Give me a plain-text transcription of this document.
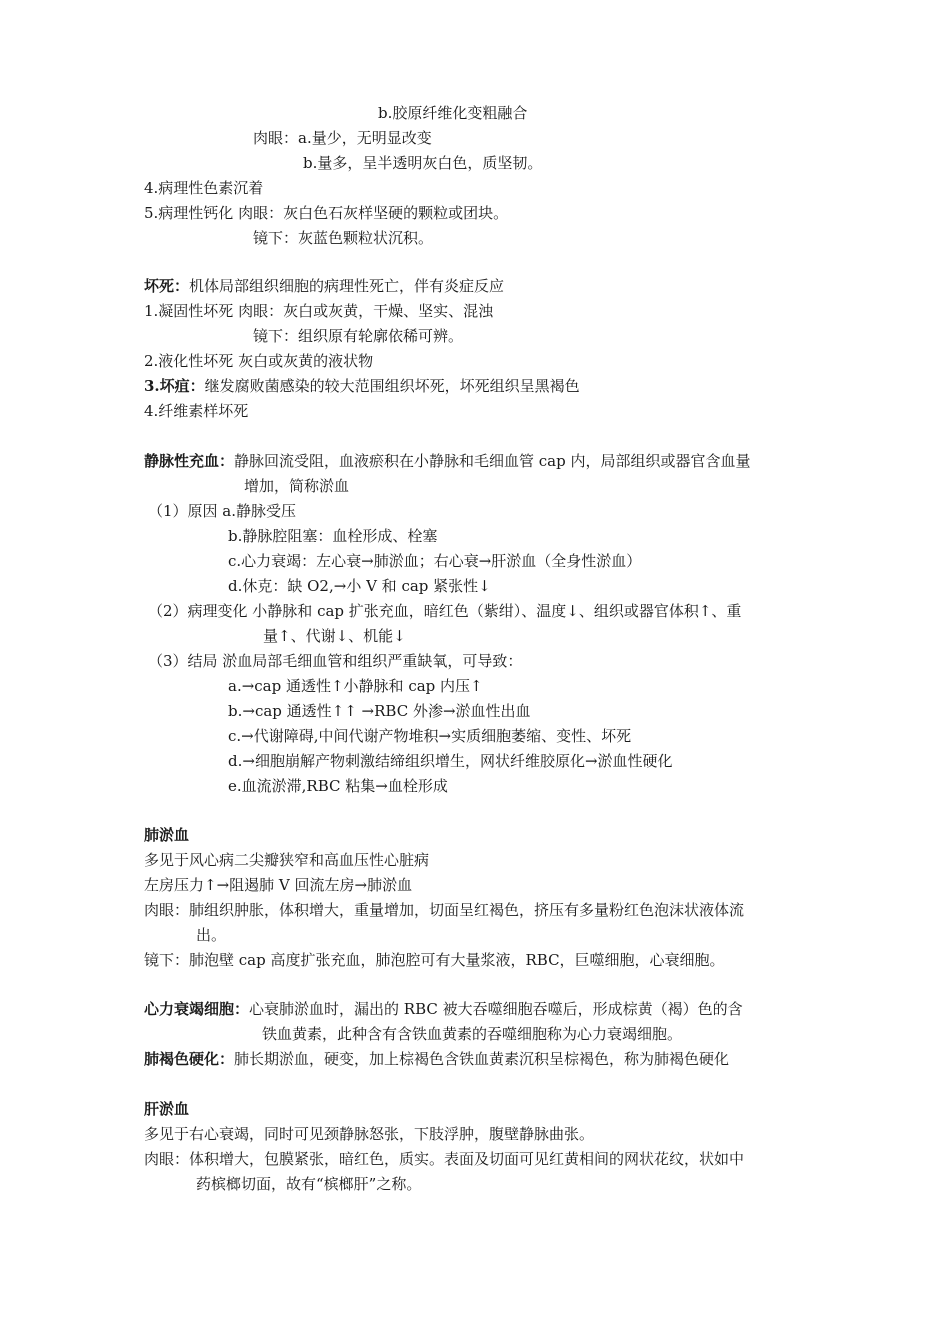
b.胶原纤维化变粗融合
肉眼：a.量少，无明显改变
b.量多，呈半透明灰白色，质坚韧。
4.病理性色素沉着
5.病理性钙化 肉眼：灰白色石灰样坚硬的颗粒或团块。
镜下：灰蓝色颗粒状沉积。
坏死：机体局部组织细胞的病理性死亡，伴有炎症反应
1.凝固性坏死 肉眼：灰白或灰黄，干燥、坚实、混浊
镜下：组织原有轮廓依稀可辨。
2.液化性坏死 灰白或灰黄的液状物
3.坏疽：继发腐败菌感染的较大范围组织坏死，坏死组织呈黑褐色
4.纤维素样坏死
静脉性充血：静脉回流受阻，血液瘀积在小静脉和毛细血管 cap 内，局部组织或器官含血量
增加，简称淤血
（1）原因 a.静脉受压
b.静脉腔阻塞：血栓形成、栓塞
c.心力衰竭：左心衰→肺淤血；右心衰→肝淤血（全身性淤血）
d.休克：缺 O2,→小 V 和 cap 紧张性↓
（2）病理变化 小静脉和 cap 扩张充血，暗红色（紫绀）、温度↓、组织或器官体积↑、重
量↑、代谢↓、机能↓
（3）结局 淤血局部毛细血管和组织严重缺氧，可导致：
a.→cap 通透性↑小静脉和 cap 内压↑
b.→cap 通透性↑↑ →RBC 外渗→淤血性出血
c.→代谢障碍,中间代谢产物堆积→实质细胞萎缩、变性、坏死
d.→细胞崩解产物刺激结缔组织增生，网状纤维胶原化→淤血性硬化
e.血流淤滞,RBC 粘集→血栓形成
肺淤血
多见于风心病二尖瓣狭窄和高血压性心脏病
左房压力↑→阻遏肺 V 回流左房→肺淤血
肉眼：肺组织肿胀，体积增大，重量增加，切面呈红褐色，挤压有多量粉红色泡沫状液体流
出。
镜下：肺泡壁 cap 高度扩张充血，肺泡腔可有大量浆液，RBC，巨噬细胞，心衰细胞。
心力衰竭细胞：心衰肺淤血时，漏出的 RBC 被大吞噬细胞吞噬后，形成棕黄（褐）色的含
铁血黄素，此种含有含铁血黄素的吞噬细胞称为心力衰竭细胞。
肺褐色硬化：肺长期淤血，硬变，加上棕褐色含铁血黄素沉积呈棕褐色，称为肺褐色硬化
肝淤血
多见于右心衰竭，同时可见颈静脉怒张，下肢浮肿，腹壁静脉曲张。
肉眼：体积增大，包膜紧张，暗红色，质实。表面及切面可见红黄相间的网状花纹，状如中
药槟榔切面，故有“槟榔肝”之称。
